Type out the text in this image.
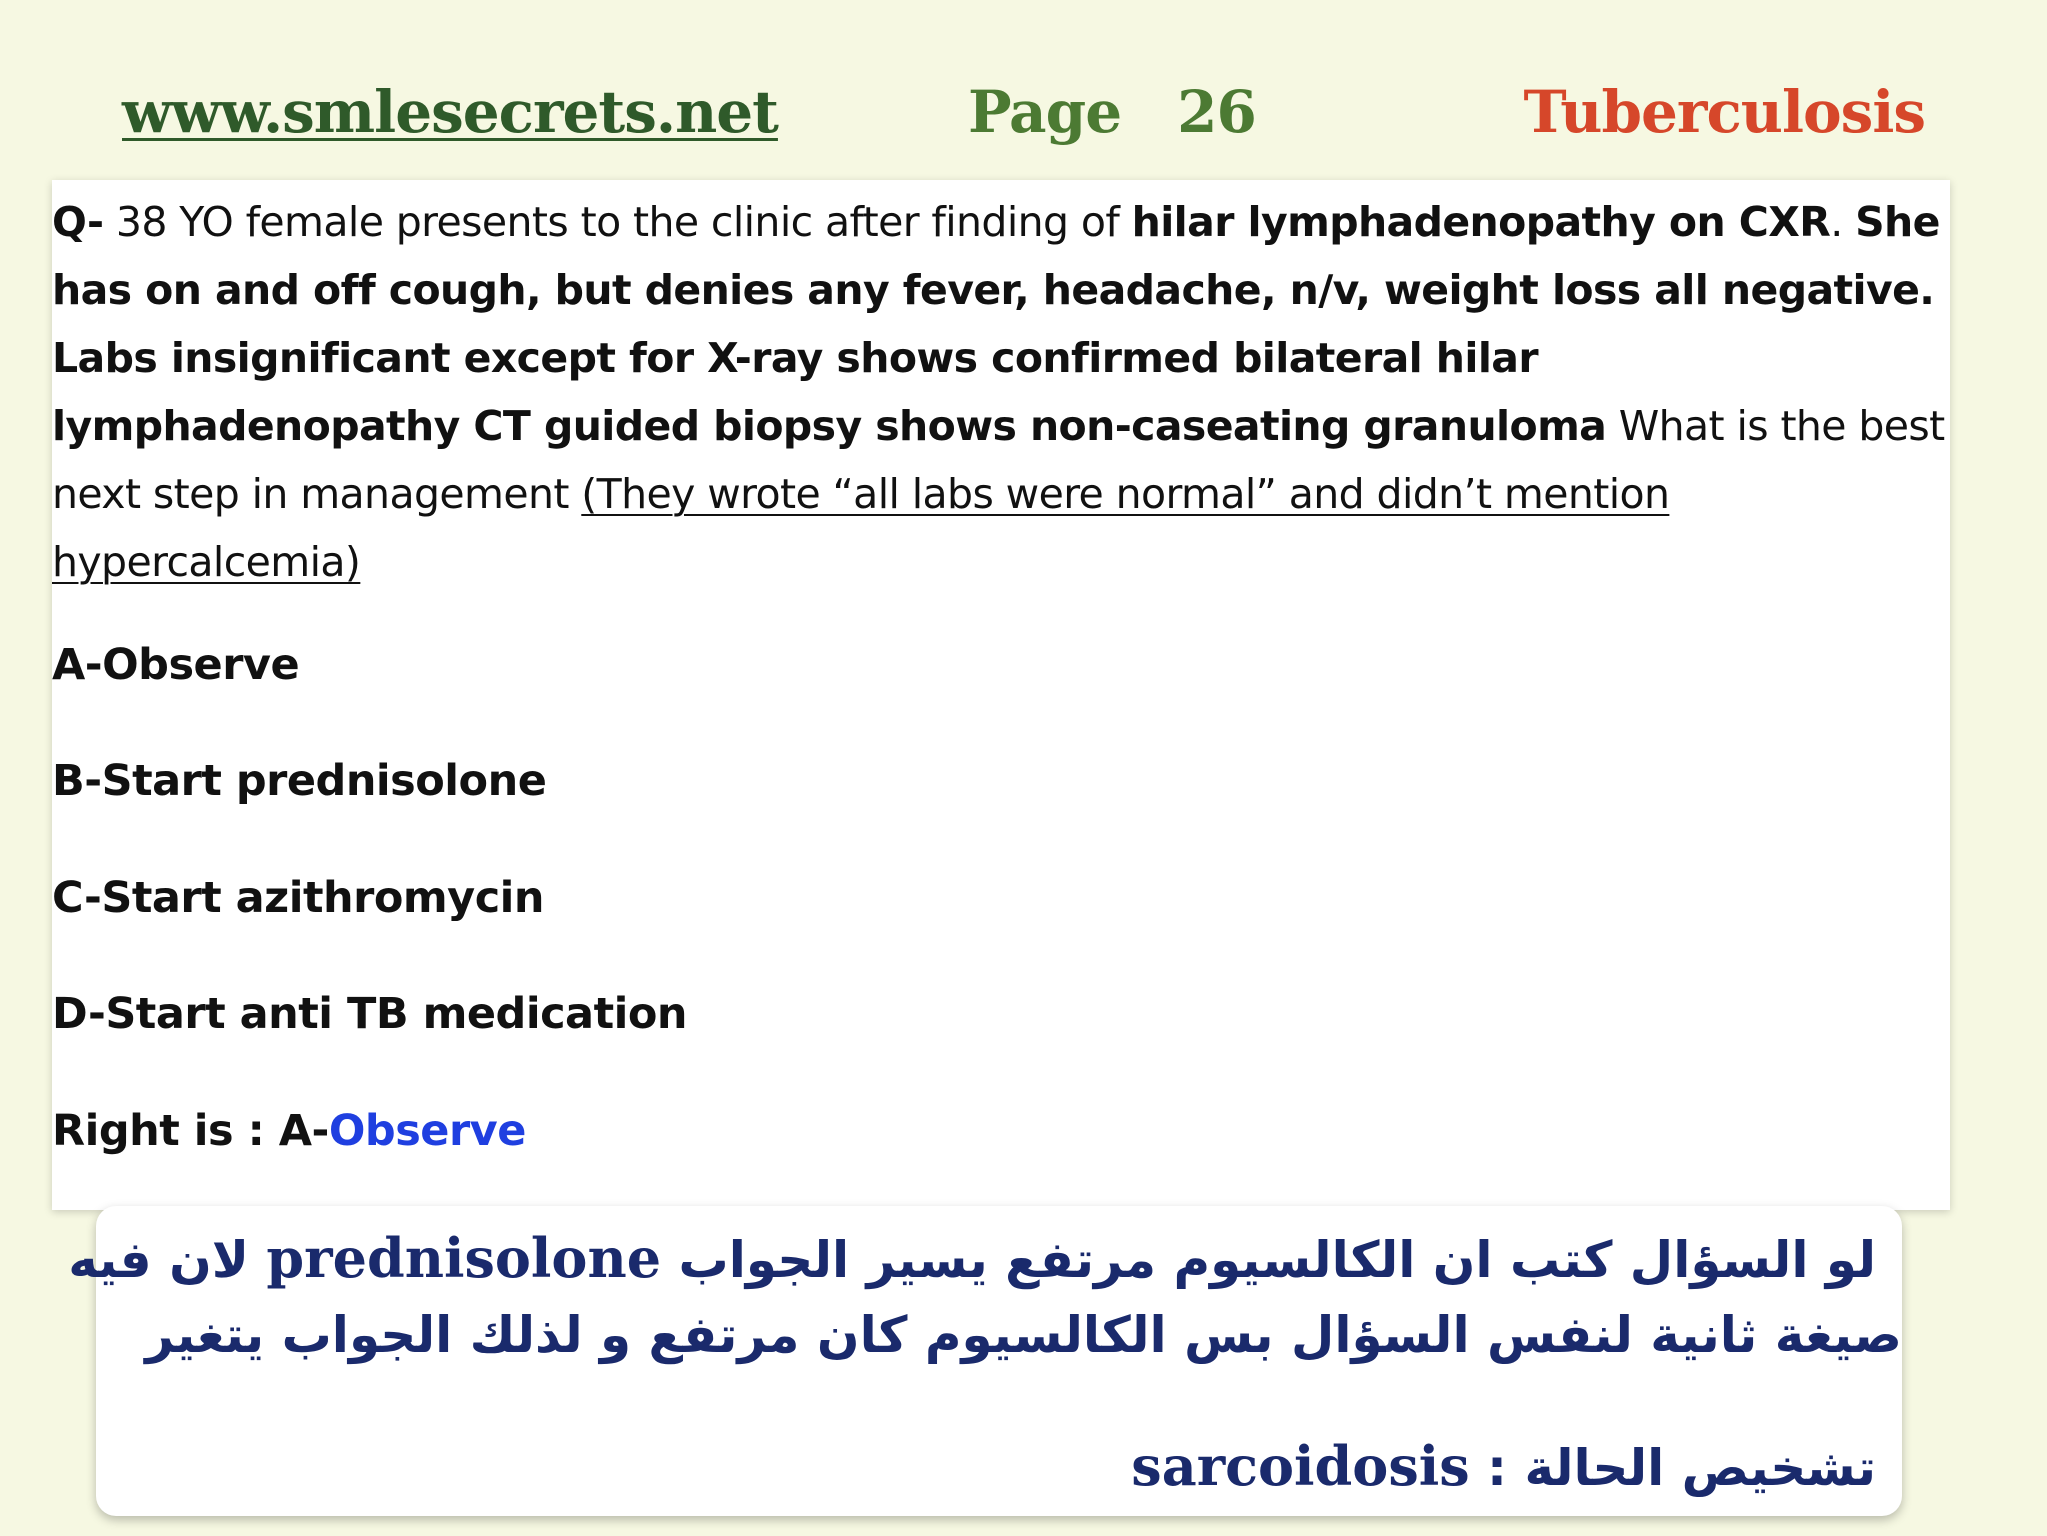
www.smlesecrets.net	Page 26	Tuberculosis
Q- 38 YO female presents to the clinic after finding of hilar lymphadenopathy on CXR. She has on and off cough, but denies any fever, headache, n/v, weight loss all negative. Labs insignificant except for X-ray shows confirmed bilateral hilar lymphadenopathy CT guided biopsy shows non-caseating granuloma What is the best next step in management (They wrote “all labs were normal” and didn’t mention hypercalcemia)
A-Observe
B-Start prednisolone
C-Start azithromycin
D-Start anti TB medication
Right is : A-Observe
لو السؤال كتب ان الكالسيوم مرتفع يسير الجواب prednisolone لان فيه
صيغة ثانية لنفس السؤال بس الكالسيوم كان مرتفع و لذلك الجواب يتغير
تشخيص الحالة : sarcoidosis
